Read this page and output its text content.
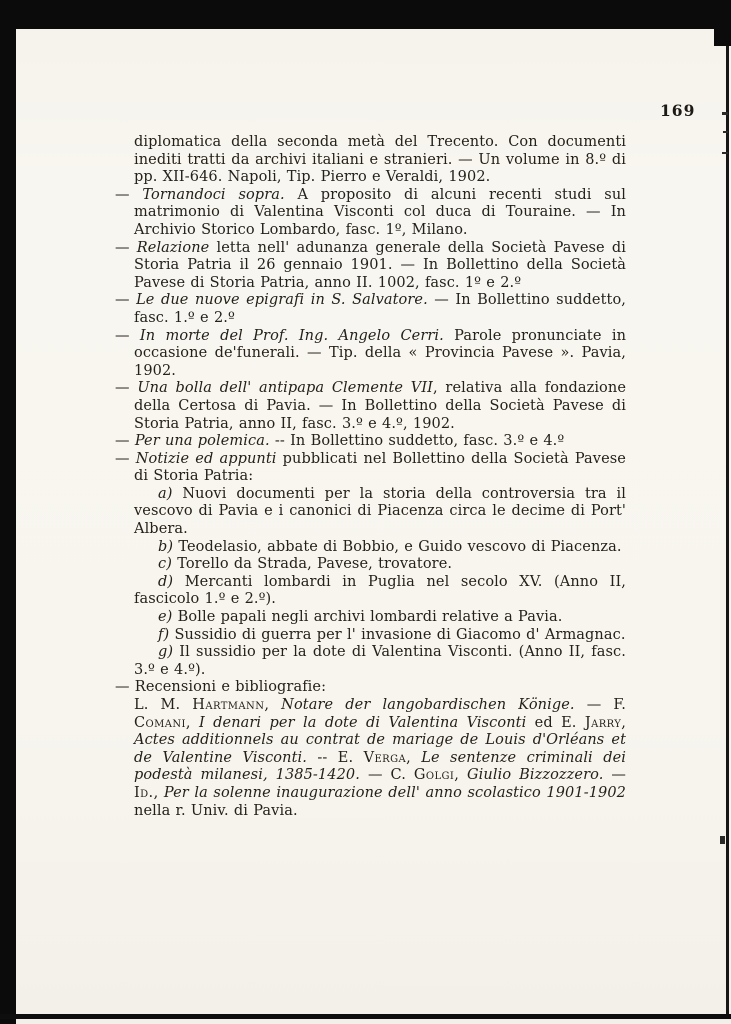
169

diplomatica della seconda metà del Trecento. Con documenti inediti tratti da archivi italiani e stranieri. — Un volume in 8.º di pp. XII-646. Napoli, Tip. Pierro e Veraldi, 1902.

— Tornandoci sopra. A proposito di alcuni recenti studi sul matrimonio di Valentina Visconti col duca di Touraine. — In Archivio Storico Lombardo, fasc. 1º, Milano.

— Relazione letta nell' adunanza generale della Società Pavese di Storia Patria il 26 gennaio 1901. — In Bollettino della Società Pavese di Storia Patria, anno II. 1002, fasc. 1º e 2.º

— Le due nuove epigrafi in S. Salvatore. — In Bollettino suddetto, fasc. 1.º e 2.º

— In morte del Prof. Ing. Angelo Cerri. Parole pronunciate in occasione de'funerali. — Tip. della « Provincia Pavese ». Pavia, 1902.

— Una bolla dell' antipapa Clemente VII, relativa alla fondazione della Certosa di Pavia. — In Bollettino della Società Pavese di Storia Patria, anno II, fasc. 3.º e 4.º, 1902.

— Per una polemica. -- In Bollettino suddetto, fasc. 3.º e 4.º

— Notizie ed appunti pubblicati nel Bollettino della Società Pavese di Storia Patria:

a) Nuovi documenti per la storia della controversia tra il vescovo di Pavia e i canonici di Piacenza circa le decime di Port' Albera.

b) Teodelasio, abbate di Bobbio, e Guido vescovo di Piacenza.

c) Torello da Strada, Pavese, trovatore.

d) Mercanti lombardi in Puglia nel secolo XV. (Anno II, fascicolo 1.º e 2.º).

e) Bolle papali negli archivi lombardi relative a Pavia.

f) Sussidio di guerra per l' invasione di Giacomo d' Armagnac.

g) Il sussidio per la dote di Valentina Visconti. (Anno II, fasc. 3.º e 4.º).

— Recensioni e bibliografie:

L. M. Hartmann, Notare der langobardischen Könige. — F. Comani, I denari per la dote di Valentina Visconti ed E. Jarry, Actes additionnels au contrat de mariage de Louis d'Orléans et de Valentine Visconti. -- E. Verga, Le sentenze criminali dei podestà milanesi, 1385-1420. — C. Golgi, Giulio Bizzozzero. — Id., Per la solenne inaugurazione dell' anno scolastico 1901-1902 nella r. Univ. di Pavia.
